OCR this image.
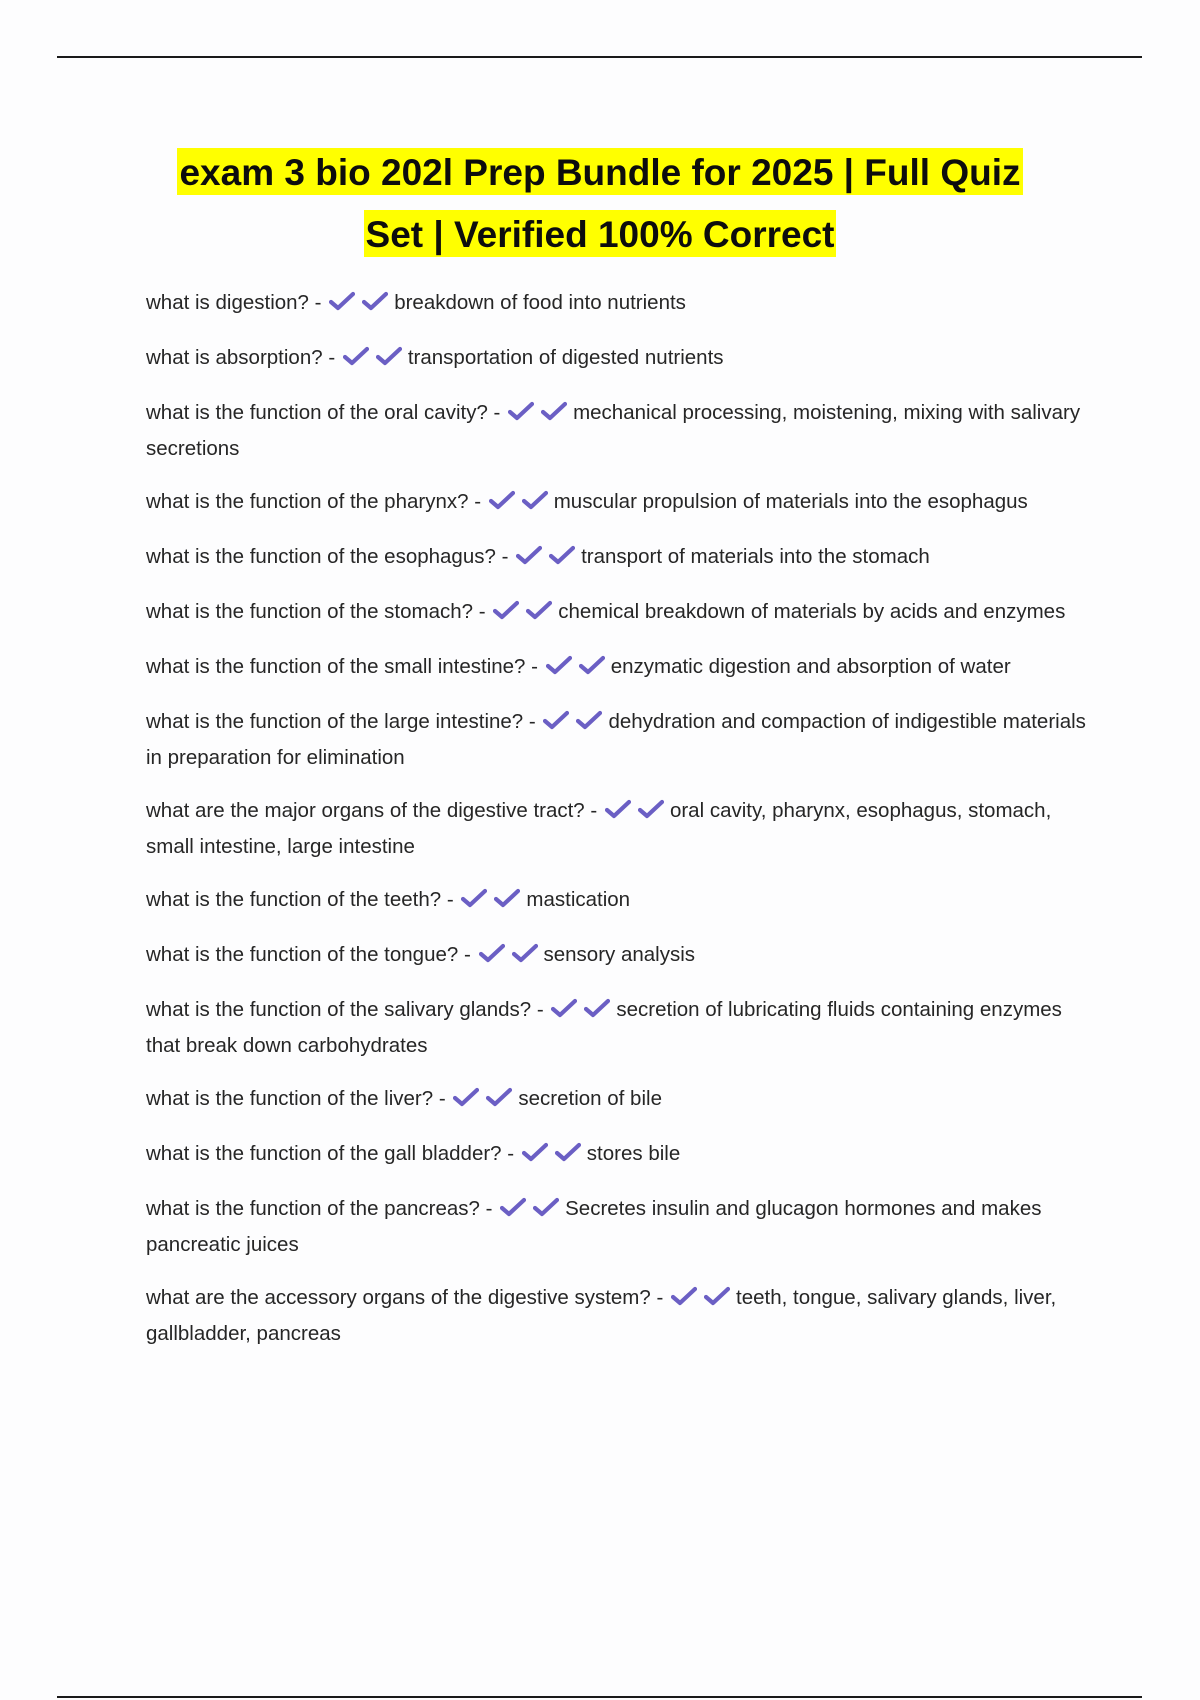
exam 3 bio 202l Prep Bundle for 2025 | Full Quiz
Set | Verified 100% Correct
what is digestion? -	breakdown of food into nutrients
what is absorption? -	transportation of digested nutrients
what is the function of the oral cavity? -	mechanical processing, moistening, mixing with salivary secretions
what is the function of the pharynx? -	muscular propulsion of materials into the esophagus
what is the function of the esophagus? -	transport of materials into the stomach
what is the function of the stomach? -	chemical breakdown of materials by acids and enzymes
what is the function of the small intestine? -	enzymatic digestion and absorption of water
what is the function of the large intestine? -	dehydration and compaction of indigestible materials in preparation for elimination
what are the major organs of the digestive tract? -	oral cavity, pharynx, esophagus, stomach, small intestine, large intestine
what is the function of the teeth? -	mastication
what is the function of the tongue? -	sensory analysis
what is the function of the salivary glands? -	secretion of lubricating fluids containing enzymes that break down carbohydrates
what is the function of the liver? -	secretion of bile
what is the function of the gall bladder? -	stores bile
what is the function of the pancreas? -	Secretes insulin and glucagon hormones and makes pancreatic juices
what are the accessory organs of the digestive system? -	teeth, tongue, salivary glands, liver, gallbladder, pancreas
